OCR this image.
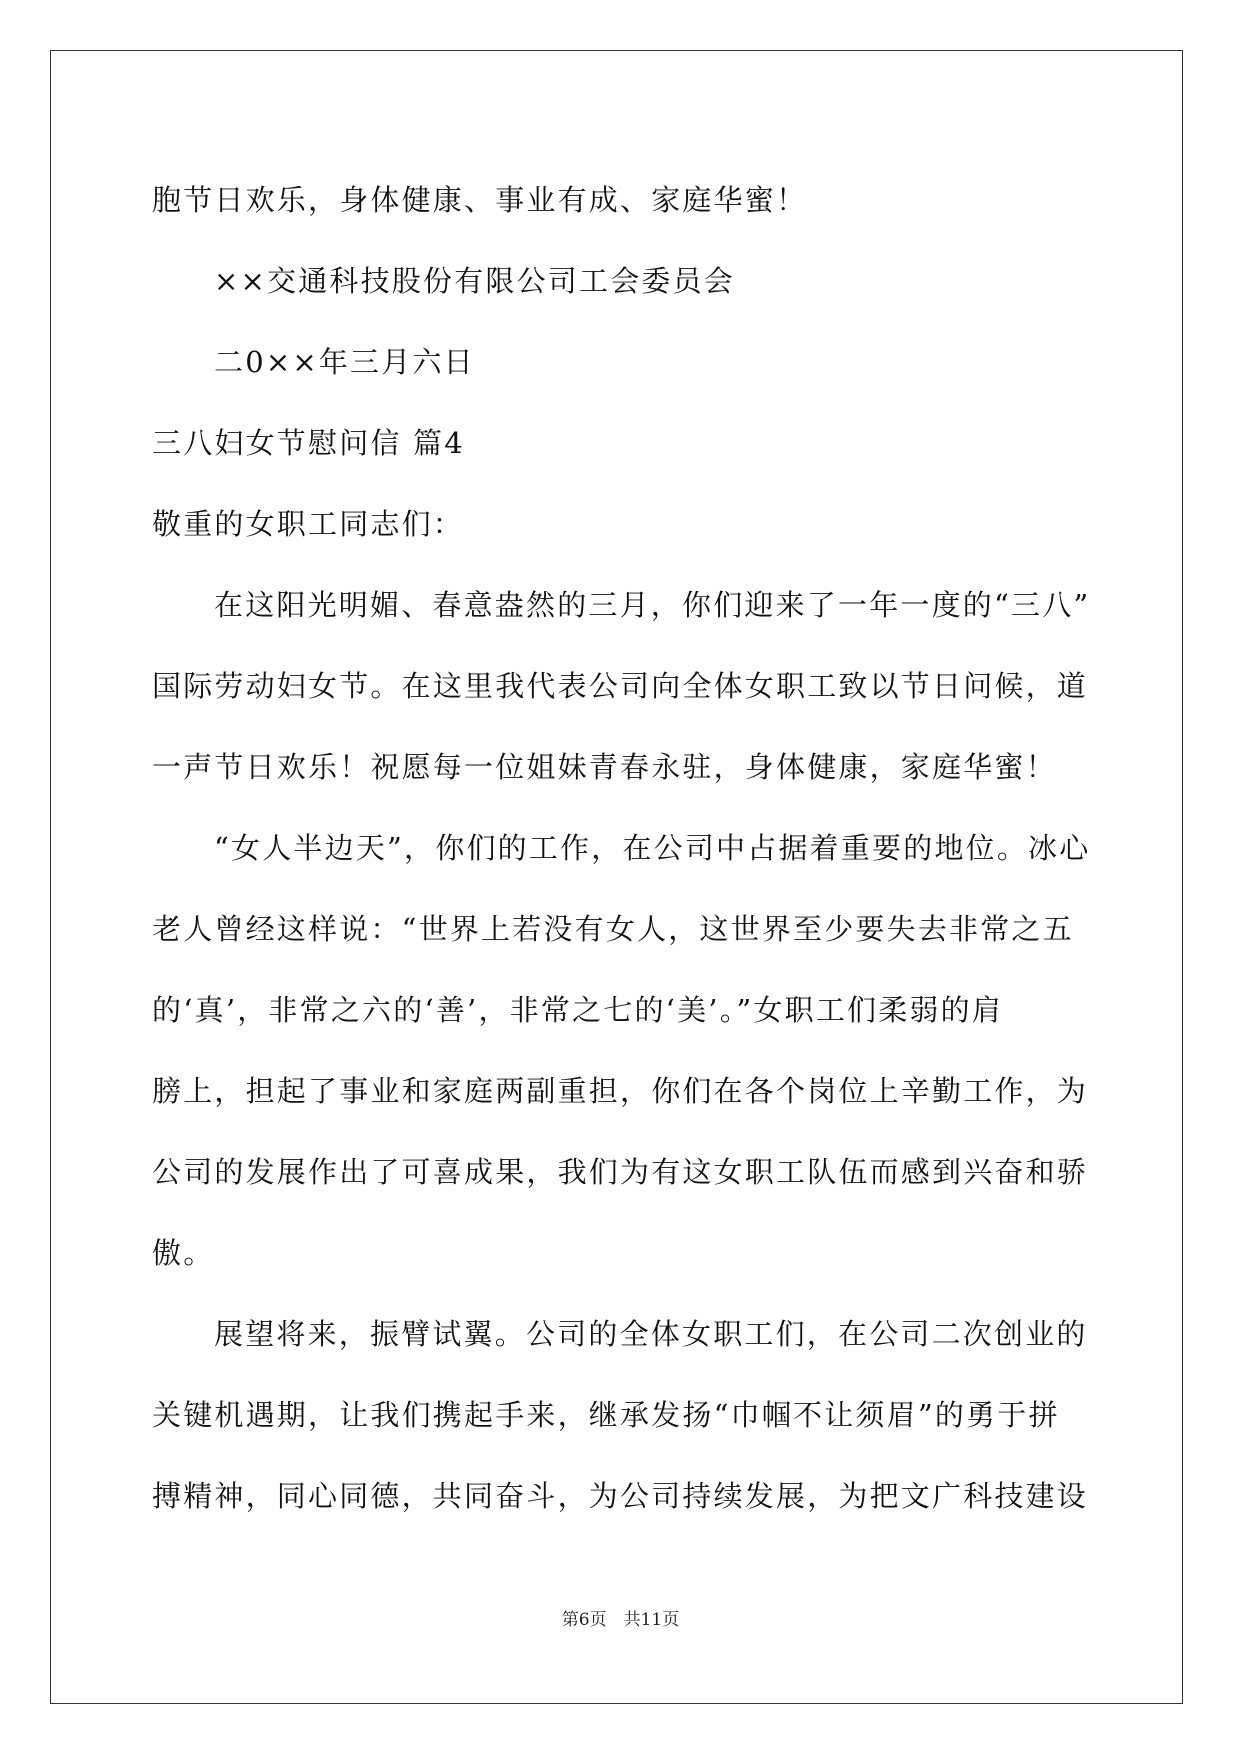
胞节日欢乐，身体健康、事业有成、家庭华蜜！
××交通科技股份有限公司工会委员会
二0××年三月六日
三八妇女节慰问信 篇4
敬重的女职工同志们：
在这阳光明媚、春意盎然的三月，你们迎来了一年一度的“三八”
国际劳动妇女节。在这里我代表公司向全体女职工致以节日问候，道
一声节日欢乐！祝愿每一位姐妹青春永驻，身体健康，家庭华蜜！
“女人半边天”，你们的工作，在公司中占据着重要的地位。冰心
老人曾经这样说：“世界上若没有女人，这世界至少要失去非常之五
的‘真’，非常之六的‘善’，非常之七的‘美’。”女职工们柔弱的肩
膀上，担起了事业和家庭两副重担，你们在各个岗位上辛勤工作，为
公司的发展作出了可喜成果，我们为有这女职工队伍而感到兴奋和骄
傲。
展望将来，振臂试翼。公司的全体女职工们，在公司二次创业的
关键机遇期，让我们携起手来，继承发扬“巾帼不让须眉”的勇于拼
搏精神，同心同德，共同奋斗，为公司持续发展，为把文广科技建设
第6页　共11页
